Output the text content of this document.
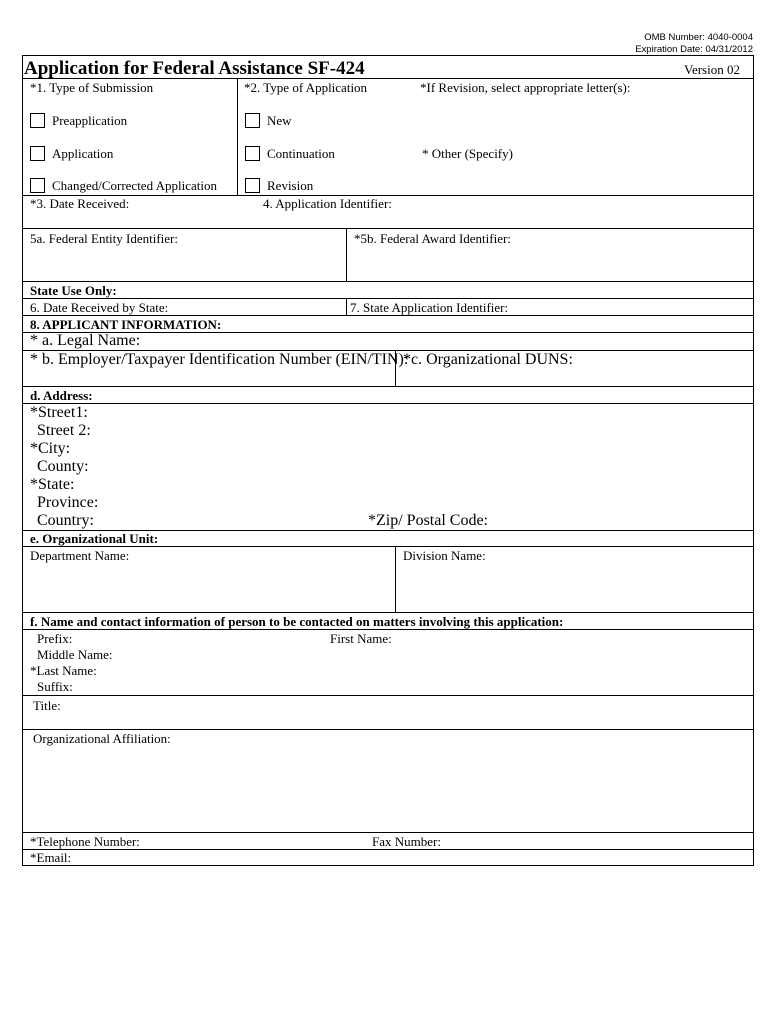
OMB Number: 4040-0004
Expiration Date: 04/31/2012
Application for Federal Assistance SF-424	Version 02
*1. Type of Submission	*2. Type of Application	*If Revision, select appropriate letter(s):
Preapplication
Application
Changed/Corrected Application
New
Continuation
Revision
* Other (Specify)
*3. Date Received:	4. Application Identifier:
5a. Federal Entity Identifier:	*5b. Federal Award Identifier:
State Use Only:
6. Date Received by State:	7. State Application Identifier:
8. APPLICANT INFORMATION:
* a. Legal Name:
* b. Employer/Taxpayer Identification Number (EIN/TIN):
*c. Organizational DUNS:
d. Address:
*Street1:
Street 2:
*City:
County:
*State:
Province:
Country:	*Zip/ Postal Code:
e. Organizational Unit:
Department Name:	Division Name:
f. Name and contact information of person to be contacted on matters involving this application:
Prefix:	First Name:
Middle Name:
*Last Name:
Suffix:
Title:
Organizational Affiliation:
*Telephone Number:	Fax Number:
*Email:
